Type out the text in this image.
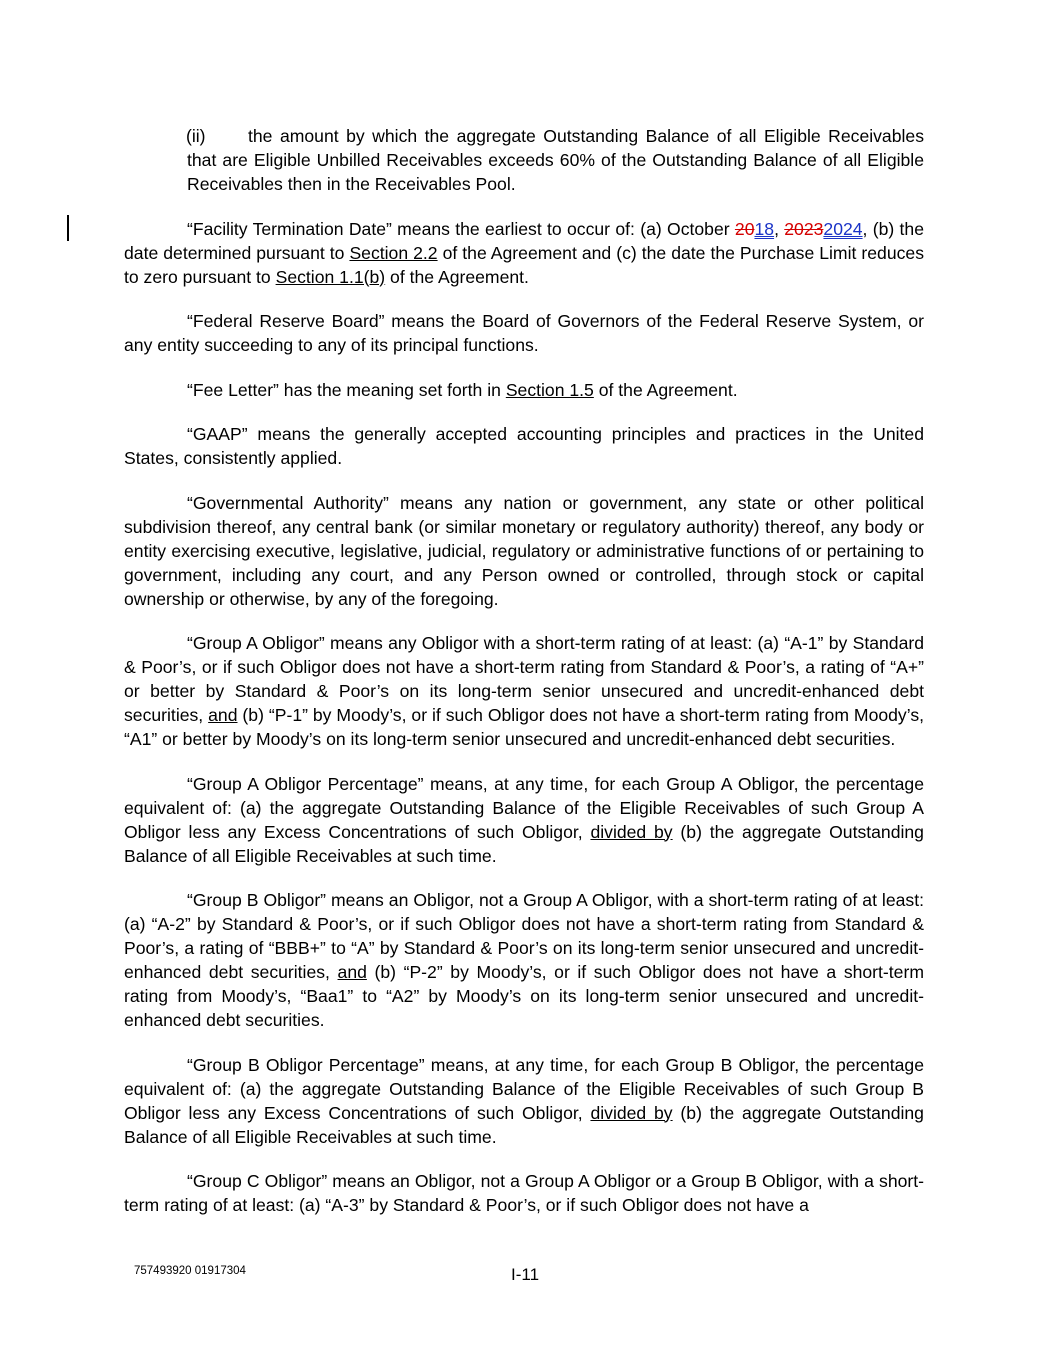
(ii) the amount by which the aggregate Outstanding Balance of all Eligible Receivables that are Eligible Unbilled Receivables exceeds 60% of the Outstanding Balance of all Eligible Receivables then in the Receivables Pool.

“Facility Termination Date” means the earliest to occur of: (a) October 2018, 20232024, (b) the date determined pursuant to Section 2.2 of the Agreement and (c) the date the Purchase Limit reduces to zero pursuant to Section 1.1(b) of the Agreement.

“Federal Reserve Board” means the Board of Governors of the Federal Reserve System, or any entity succeeding to any of its principal functions.

“Fee Letter” has the meaning set forth in Section 1.5 of the Agreement.

“GAAP” means the generally accepted accounting principles and practices in the United States, consistently applied.

“Governmental Authority” means any nation or government, any state or other political subdivision thereof, any central bank (or similar monetary or regulatory authority) thereof, any body or entity exercising executive, legislative, judicial, regulatory or administrative functions of or pertaining to government, including any court, and any Person owned or controlled, through stock or capital ownership or otherwise, by any of the foregoing.

“Group A Obligor” means any Obligor with a short-term rating of at least: (a) “A-1” by Standard & Poor’s, or if such Obligor does not have a short-term rating from Standard & Poor’s, a rating of “A+” or better by Standard & Poor’s on its long-term senior unsecured and uncredit-enhanced debt securities, and (b) “P-1” by Moody’s, or if such Obligor does not have a short-term rating from Moody’s, “A1” or better by Moody’s on its long-term senior unsecured and uncredit-enhanced debt securities.

“Group A Obligor Percentage” means, at any time, for each Group A Obligor, the percentage equivalent of: (a) the aggregate Outstanding Balance of the Eligible Receivables of such Group A Obligor less any Excess Concentrations of such Obligor, divided by (b) the aggregate Outstanding Balance of all Eligible Receivables at such time.

“Group B Obligor” means an Obligor, not a Group A Obligor, with a short-term rating of at least: (a) “A-2” by Standard & Poor’s, or if such Obligor does not have a short-term rating from Standard & Poor’s, a rating of “BBB+” to “A” by Standard & Poor’s on its long-term senior unsecured and uncredit-enhanced debt securities, and (b) “P-2” by Moody’s, or if such Obligor does not have a short-term rating from Moody’s, “Baa1” to “A2” by Moody’s on its long-term senior unsecured and uncredit-enhanced debt securities.

“Group B Obligor Percentage” means, at any time, for each Group B Obligor, the percentage equivalent of: (a) the aggregate Outstanding Balance of the Eligible Receivables of such Group B Obligor less any Excess Concentrations of such Obligor, divided by (b) the aggregate Outstanding Balance of all Eligible Receivables at such time.

“Group C Obligor” means an Obligor, not a Group A Obligor or a Group B Obligor, with a short-term rating of at least: (a) “A-3” by Standard & Poor’s, or if such Obligor does not have a

757493920 01917304	I-11
